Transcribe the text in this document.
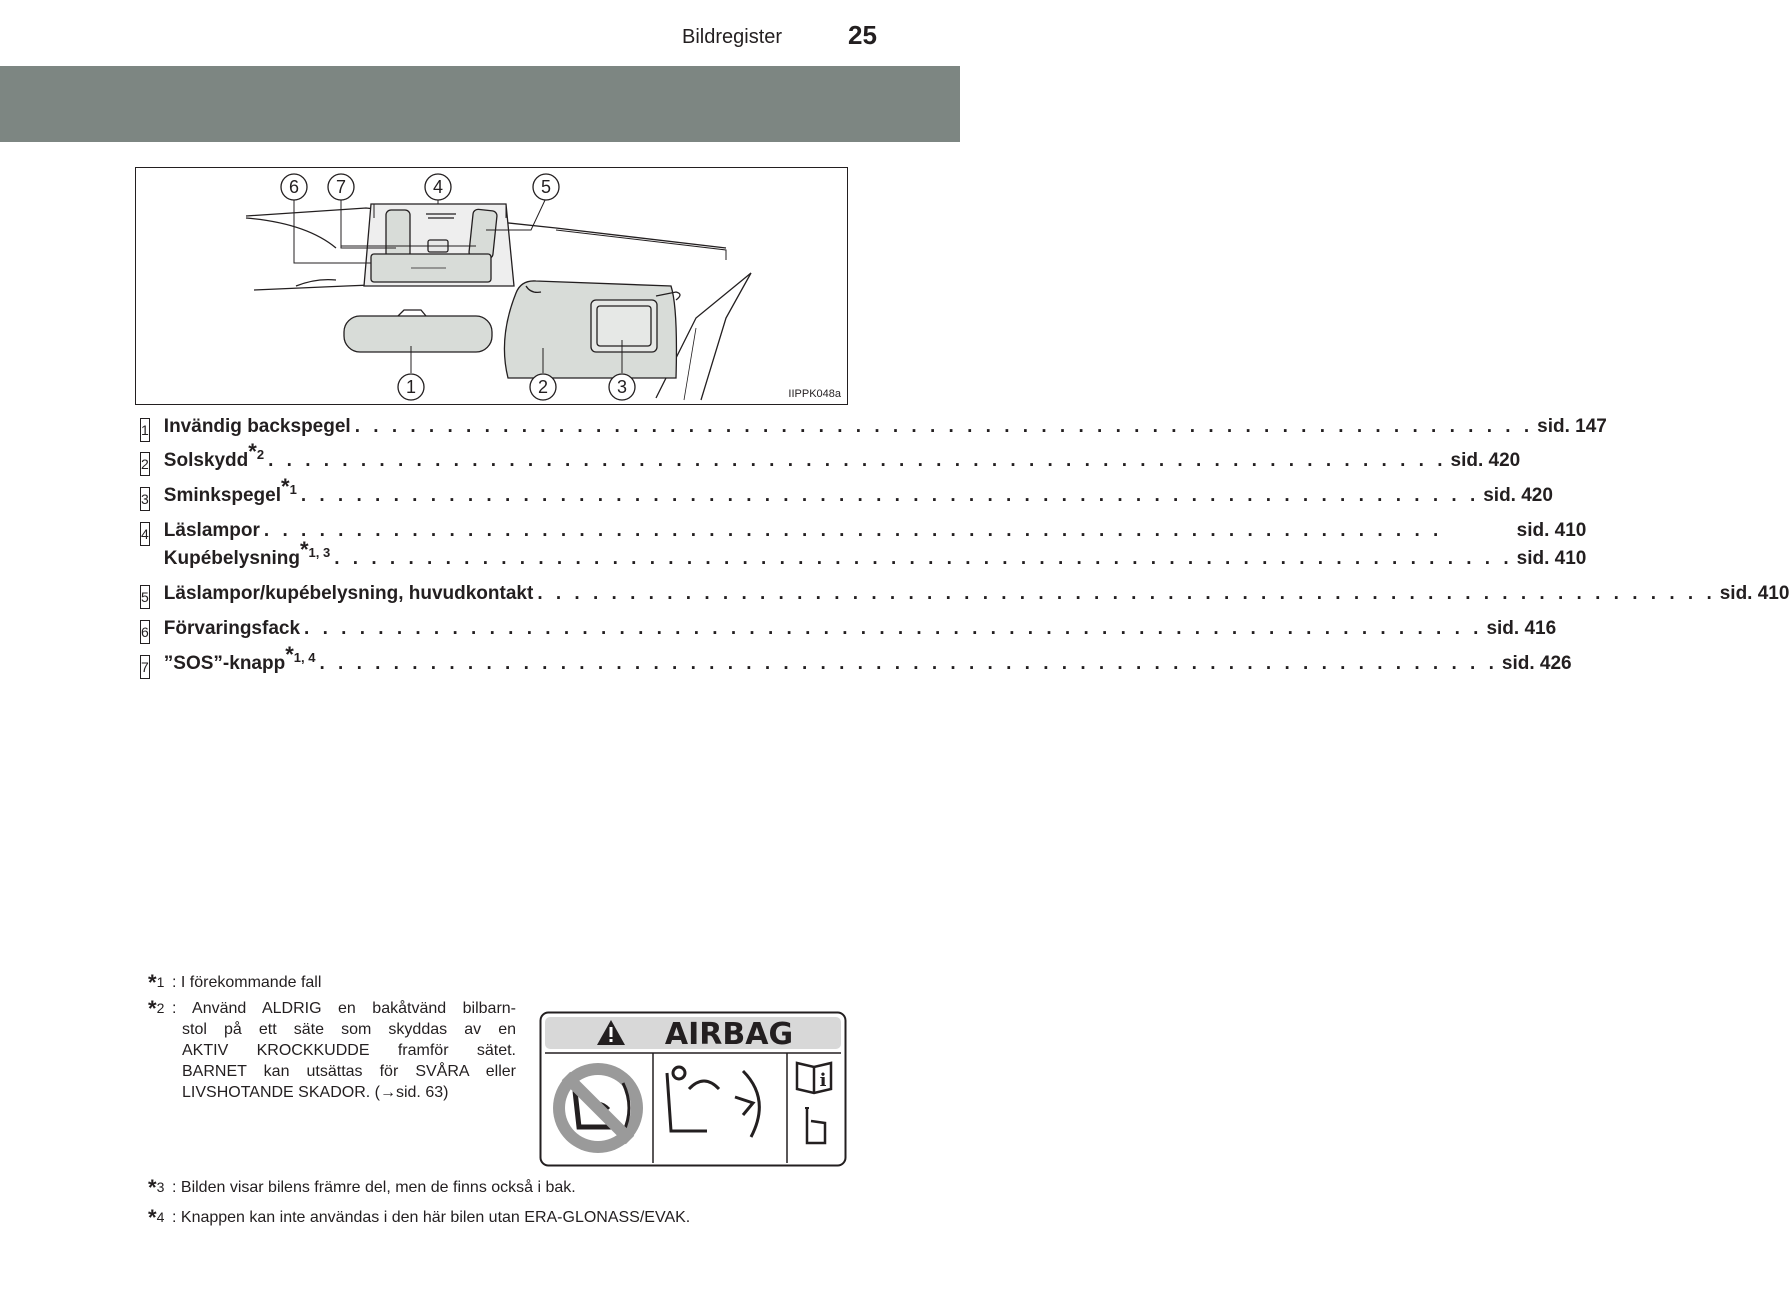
Bildregister	25
6 7	4	5
1	2	3	IIPPK048a
1 Invändig backspegel . . .	sid. 147
2 Solskydd$^{*2}$ . . .	sid. 420
3 Sminkspegel$^{*1}$ . . .	sid. 420
4 Läslampor . . .	sid. 410
Kupébelysning$^{*1, 3}$ . . .	sid. 410
5 Läslampor/kupébelysning, huvudkontakt . . .	sid. 410
6 Förvaringsfack . . .	sid. 416
7 ”SOS”-knapp$^{*1, 4}$ . . .	sid. 426
*1 : I förekommande fall
*2 : Använd ALDRIG en bakåtvänd bilbarn-
stol på ett säte som skyddas av en
AKTIV KROCKKUDDE framför sätet.
BARNET kan utsättas för SVÅRA eller
LIVSHOTANDE SKADOR. (→sid. 63)
AIRBAG
i
*3 : Bilden visar bilens främre del, men de finns också i bak.
*4 : Knappen kan inte användas i den här bilen utan ERA-GLONASS/EVAK.
